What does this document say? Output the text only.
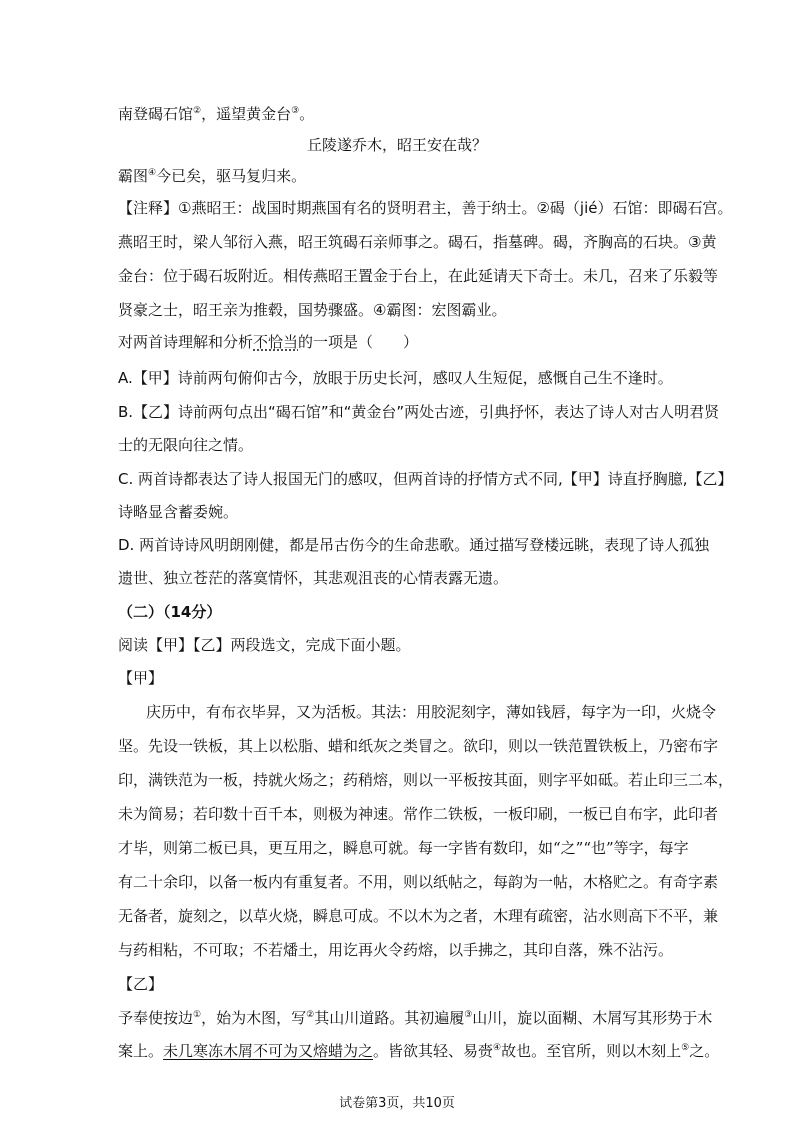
南登碣石馆②，遥望黄金台③。
丘陵遂乔木，昭王安在哉？
霸图④今已矣，驱马复归来。
【注释】①燕昭王：战国时期燕国有名的贤明君主，善于纳士。②碣（jié）石馆：即碣石宫。
燕昭王时，梁人邹衍入燕，昭王筑碣石亲师事之。碣石，指墓碑。碣，齐胸高的石块。③黄
金台：位于碣石坂附近。相传燕昭王置金于台上，在此延请天下奇士。未几，召来了乐毅等
贤豪之士，昭王亲为推毂，国势骤盛。④霸图：宏图霸业。
对两首诗理解和分析不恰当的一项是（　　）
A.【甲】诗前两句俯仰古今，放眼于历史长河，感叹人生短促，感慨自己生不逢时。
B.【乙】诗前两句点出“碣石馆”和“黄金台”两处古迹，引典抒怀，表达了诗人对古人明君贤
士的无限向往之情。
C. 两首诗都表达了诗人报国无门的感叹，但两首诗的抒情方式不同,【甲】诗直抒胸臆,【乙】
诗略显含蓄委婉。
D. 两首诗诗风明朗刚健，都是吊古伤今的生命悲歌。通过描写登楼远眺，表现了诗人孤独
遗世、独立苍茫的落寞情怀，其悲观沮丧的心情表露无遗。
（二）（14分）
阅读【甲】【乙】两段选文，完成下面小题。
【甲】
庆历中，有布衣毕昇，又为活板。其法：用胶泥刻字，薄如钱唇，每字为一印，火烧令
坚。先设一铁板，其上以松脂、蜡和纸灰之类冒之。欲印，则以一铁范置铁板上，乃密布字
印，满铁范为一板，持就火炀之；药稍熔，则以一平板按其面，则字平如砥。若止印三二本，
未为简易；若印数十百千本，则极为神速。常作二铁板，一板印刷，一板已自布字，此印者
才毕，则第二板已具，更互用之，瞬息可就。每一字皆有数印，如“之”“也”等字，每字
有二十余印，以备一板内有重复者。不用，则以纸帖之，每韵为一帖，木格贮之。有奇字素
无备者，旋刻之，以草火烧，瞬息可成。不以木为之者，木理有疏密，沾水则高下不平，兼
与药相粘，不可取；不若燔土，用讫再火令药熔，以手拂之，其印自落，殊不沾污。
【乙】
予奉使按边①，始为木图，写②其山川道路。其初遍履③山川，旋以面糊、木屑写其形势于木
案上。未几寒冻木屑不可为又熔蜡为之。皆欲其轻、易赍④故也。至官所，则以木刻上⑤之。
试卷第3页，共10页
